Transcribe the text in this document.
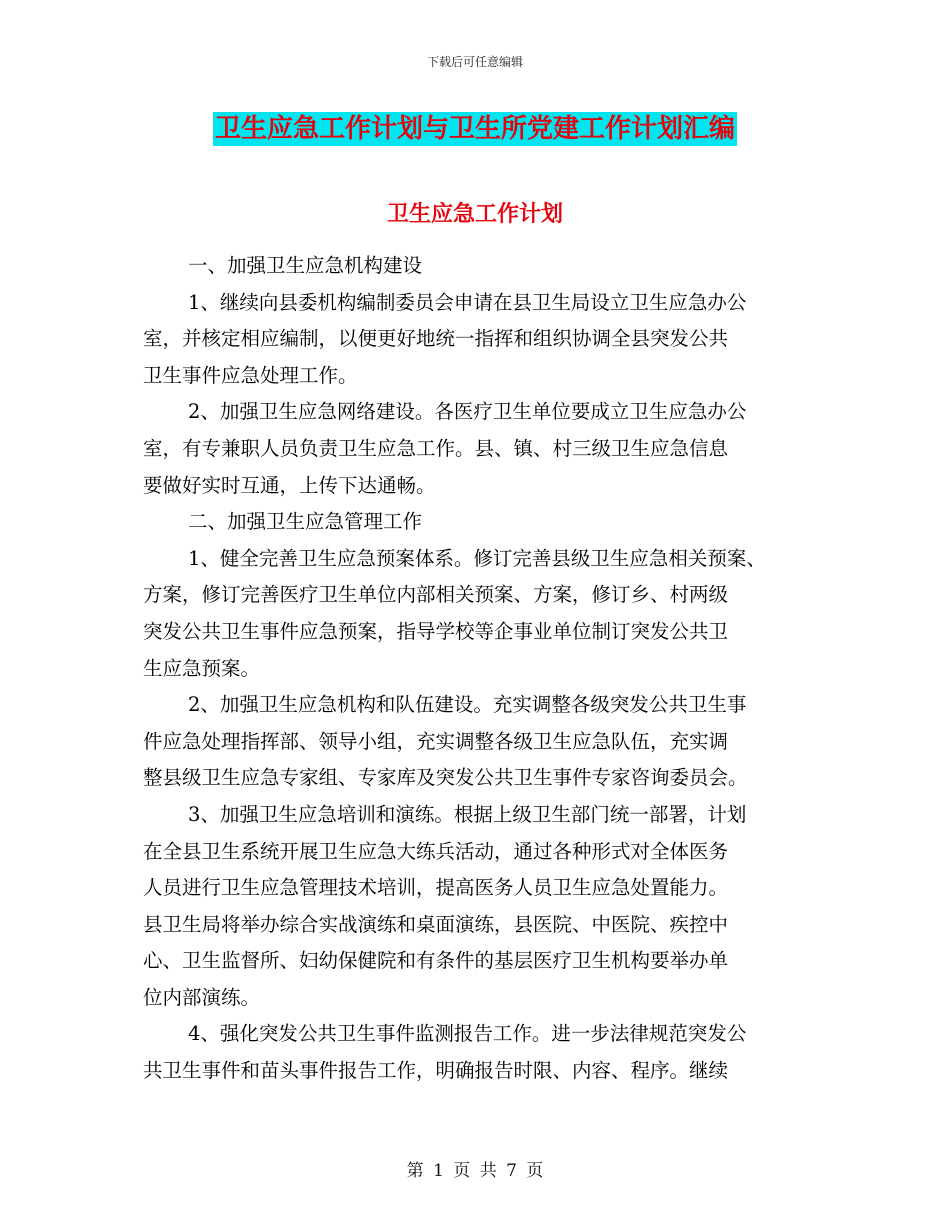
下载后可任意编辑
卫生应急工作计划与卫生所党建工作计划汇编
卫生应急工作计划
一、加强卫生应急机构建设
1、继续向县委机构编制委员会申请在县卫生局设立卫生应急办公
室，并核定相应编制，以便更好地统一指挥和组织协调全县突发公共
卫生事件应急处理工作。
2、加强卫生应急网络建设。各医疗卫生单位要成立卫生应急办公
室，有专兼职人员负责卫生应急工作。县、镇、村三级卫生应急信息
要做好实时互通，上传下达通畅。
二、加强卫生应急管理工作
1、健全完善卫生应急预案体系。修订完善县级卫生应急相关预案、
方案，修订完善医疗卫生单位内部相关预案、方案，修订乡、村两级
突发公共卫生事件应急预案，指导学校等企事业单位制订突发公共卫
生应急预案。
2、加强卫生应急机构和队伍建设。充实调整各级突发公共卫生事
件应急处理指挥部、领导小组，充实调整各级卫生应急队伍，充实调
整县级卫生应急专家组、专家库及突发公共卫生事件专家咨询委员会。
3、加强卫生应急培训和演练。根据上级卫生部门统一部署，计划
在全县卫生系统开展卫生应急大练兵活动，通过各种形式对全体医务
人员进行卫生应急管理技术培训，提高医务人员卫生应急处置能力。
县卫生局将举办综合实战演练和桌面演练，县医院、中医院、疾控中
心、卫生监督所、妇幼保健院和有条件的基层医疗卫生机构要举办单
位内部演练。
4、强化突发公共卫生事件监测报告工作。进一步法律规范突发公
共卫生事件和苗头事件报告工作，明确报告时限、内容、程序。继续
第 1 页 共 7 页
